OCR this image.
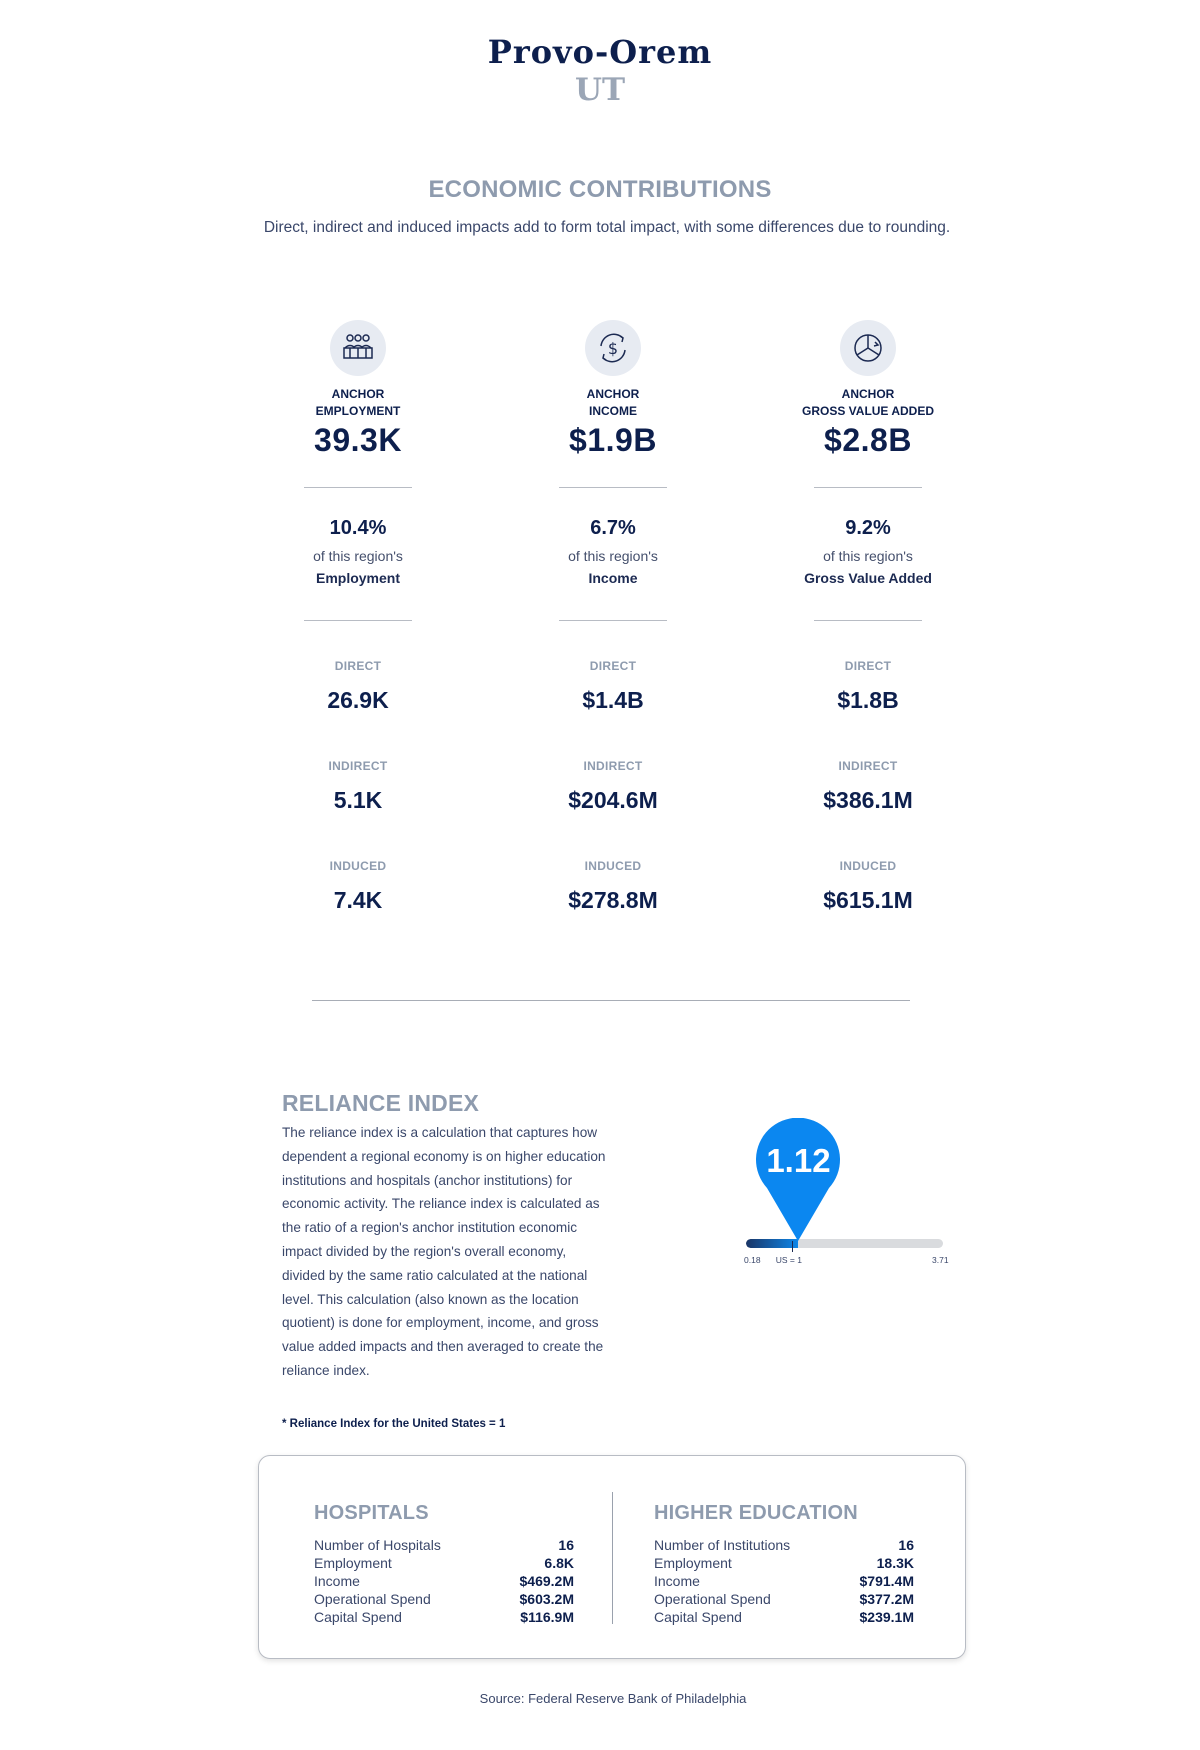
Provo-Orem
UT
ECONOMIC CONTRIBUTIONS
Direct, indirect and induced impacts add to form total impact, with some differences due to rounding.
ANCHOR
EMPLOYMENT
39.3K
$
ANCHOR
INCOME
$1.9B
ANCHOR
GROSS VALUE ADDED
$2.8B
10.4%
of this region's
Employment
6.7%
of this region's
Income
9.2%
of this region's
Gross Value Added
DIRECT
26.9K
INDIRECT
5.1K
INDUCED
7.4K
DIRECT
$1.4B
INDIRECT
$204.6M
INDUCED
$278.8M
DIRECT
$1.8B
INDIRECT
$386.1M
INDUCED
$615.1M
RELIANCE INDEX
The reliance index is a calculation that captures how dependent a regional economy is on higher education institutions and hospitals (anchor institutions) for economic activity. The reliance index is calculated as the ratio of a region's anchor institution economic impact divided by the region's overall economy, divided by the same ratio calculated at the national level. This calculation (also known as the location quotient) is done for employment, income, and gross value added impacts and then averaged to create the reliance index.
* Reliance Index for the United States = 1
0.18 US = 1	3.71
1.12
HOSPITALS
Number of Hospitals	16
Employment	6.8K
Income	$469.2M
Operational Spend	$603.2M
Capital Spend	$116.9M
HIGHER EDUCATION
Number of Institutions	16
Employment	18.3K
Income	$791.4M
Operational Spend	$377.2M
Capital Spend	$239.1M
Source: Federal Reserve Bank of Philadelphia
